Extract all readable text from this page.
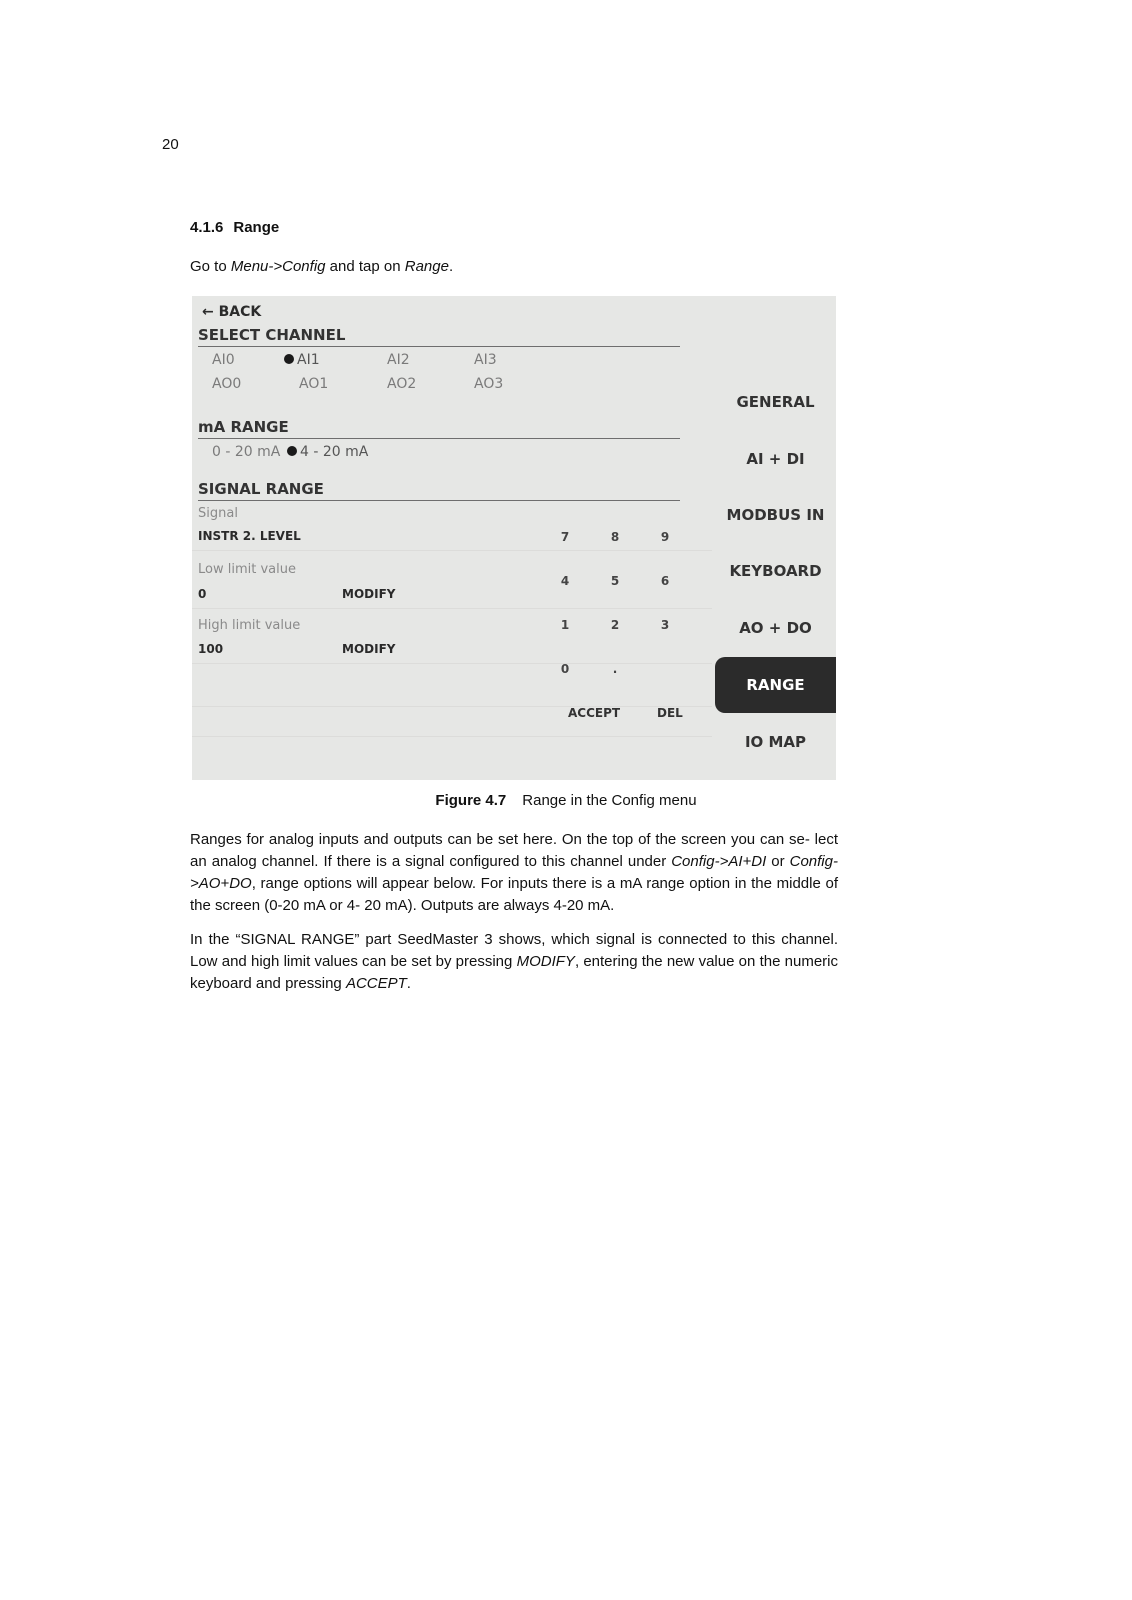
20
4.1.6 Range
Go to Menu->Config and tap on Range.
← BACK
SELECT CHANNEL
AI0	AI1	AI2	AI3
AO0	AO1	AO2	AO3
mA RANGE
0 - 20 mA	4 - 20 mA
SIGNAL RANGE
Signal
INSTR 2. LEVEL
Low limit value
0	MODIFY
High limit value
100	MODIFY
7	8	9
4	5	6
1	2	3
0	.
ACCEPT	DEL
GENERAL
AI + DI
MODBUS IN
KEYBOARD
AO + DO
RANGE
IO MAP
Figure 4.7 Range in the Config menu
Ranges for analog inputs and outputs can be set here. On the top of the screen you can se- lect an analog channel. If there is a signal configured to this channel under Config->AI+DI or Config->AO+DO, range options will appear below. For inputs there is a mA range option in the middle of the screen (0-20 mA or 4- 20 mA). Outputs are always 4-20 mA.
In the “SIGNAL RANGE” part SeedMaster 3 shows, which signal is connected to this channel. Low and high limit values can be set by pressing MODIFY, entering the new value on the numeric keyboard and pressing ACCEPT.
